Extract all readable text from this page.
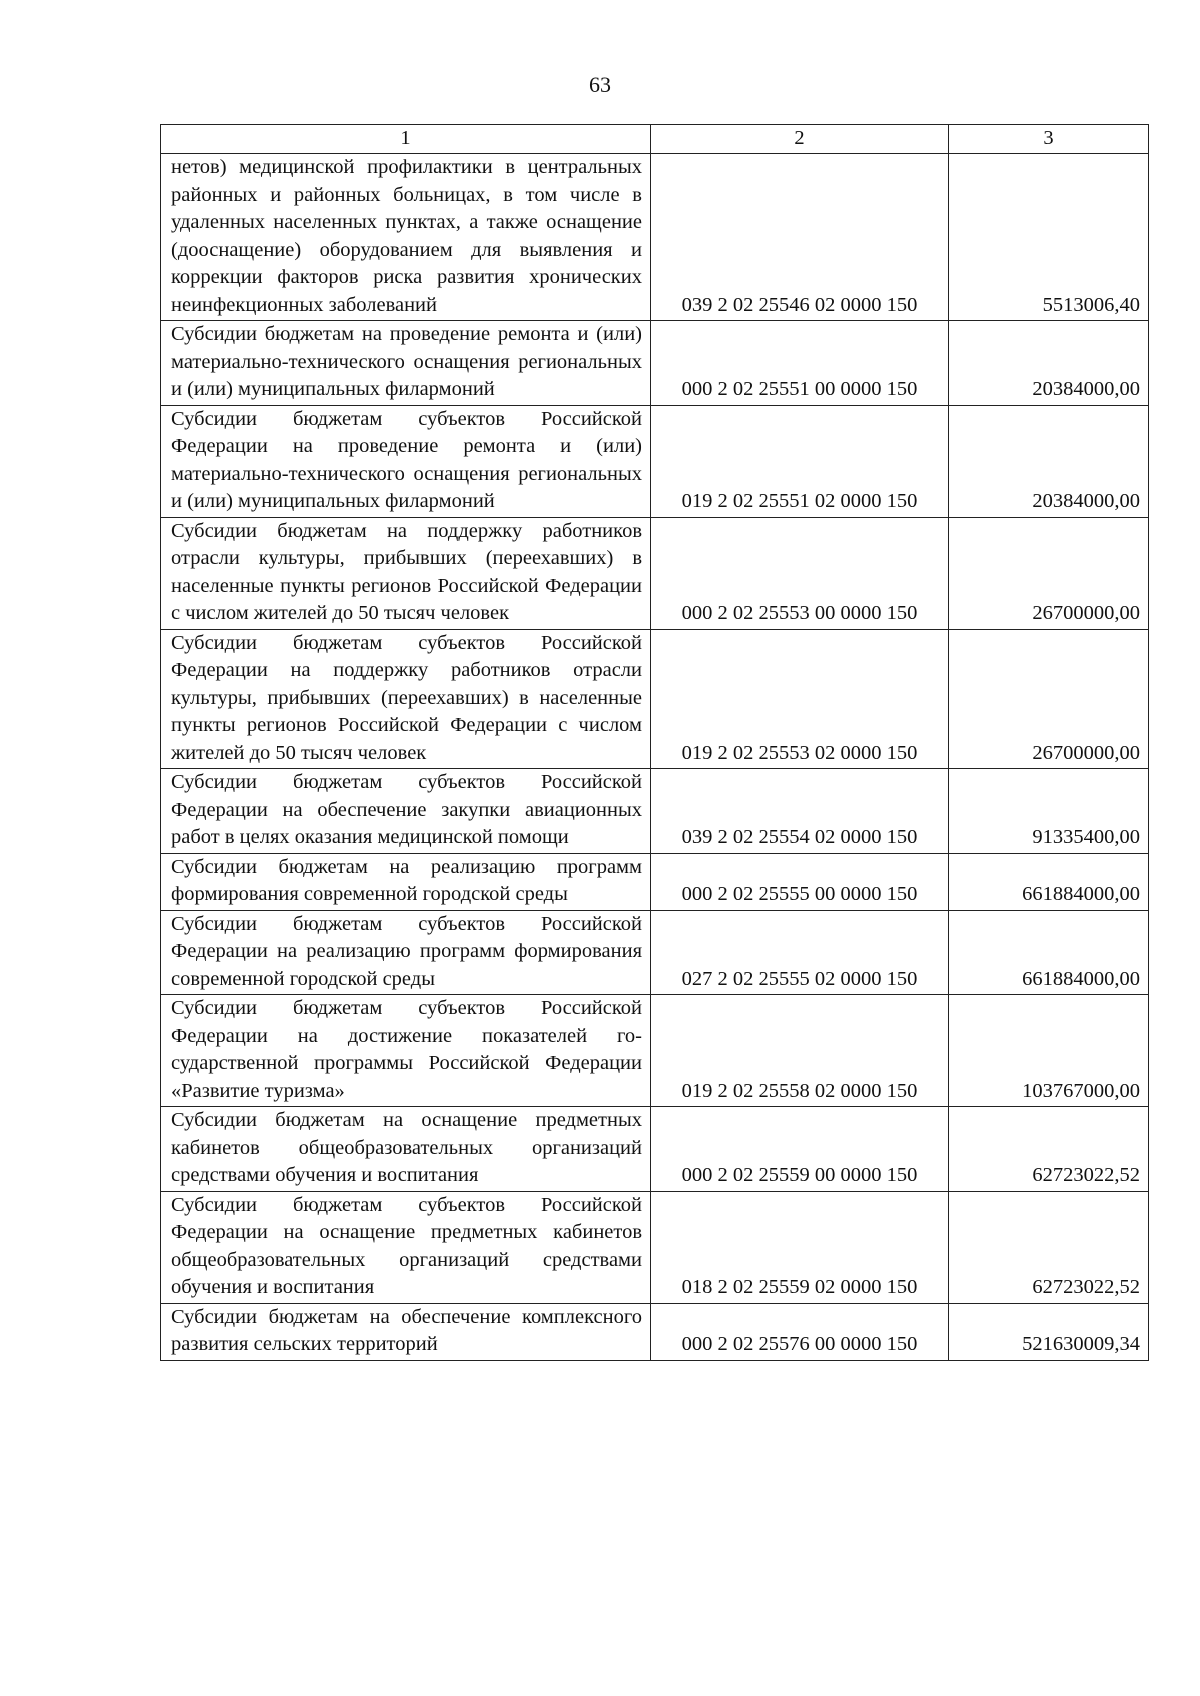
63
1	2	3
нетов) медицинской профилактики в центральных районных и районных больницах, в том числе в удаленных населенных пунктах, а также оснащение (дооснащение) оборудованием для выявления и коррекции факторов риска развития хронических неинфекционных заболеваний	039 2 02 25546 02 0000 150	5513006,40
Субсидии бюджетам на проведение ремонта и (или) материально-технического оснащения региональных и (или) муниципальных филармоний	000 2 02 25551 00 0000 150	20384000,00
Субсидии бюджетам субъектов Российской Федерации на проведение ремонта и (или) материально-технического оснащения региональных и (или) муниципальных филармоний	019 2 02 25551 02 0000 150	20384000,00
Субсидии бюджетам на поддержку работников отрасли культуры, прибывших (переехавших) в населенные пункты регионов Российской Федерации с числом жителей до 50 тысяч человек	000 2 02 25553 00 0000 150	26700000,00
Субсидии бюджетам субъектов Российской Федерации на поддержку работников отрасли культуры, прибывших (переехавших) в населенные пункты регионов Российской Федерации с числом жителей до 50 тысяч человек	019 2 02 25553 02 0000 150	26700000,00
Субсидии бюджетам субъектов Российской Федерации на обеспечение закупки авиационных работ в целях оказания медицинской помощи	039 2 02 25554 02 0000 150	91335400,00
Субсидии бюджетам на реализацию программ формирования современной городской среды	000 2 02 25555 00 0000 150	661884000,00
Субсидии бюджетам субъектов Российской Федерации на реализацию программ формирования современной городской среды	027 2 02 25555 02 0000 150	661884000,00
Субсидии бюджетам субъектов Российской Федерации на достижение показателей государственной программы Российской Федерации «Развитие туризма»	019 2 02 25558 02 0000 150	103767000,00
Субсидии бюджетам на оснащение предметных кабинетов общеобразовательных организаций средствами обучения и воспитания	000 2 02 25559 00 0000 150	62723022,52
Субсидии бюджетам субъектов Российской Федерации на оснащение предметных кабинетов общеобразовательных организаций средствами обучения и воспитания	018 2 02 25559 02 0000 150	62723022,52
Субсидии бюджетам на обеспечение комплексного развития сельских территорий	000 2 02 25576 00 0000 150	521630009,34
